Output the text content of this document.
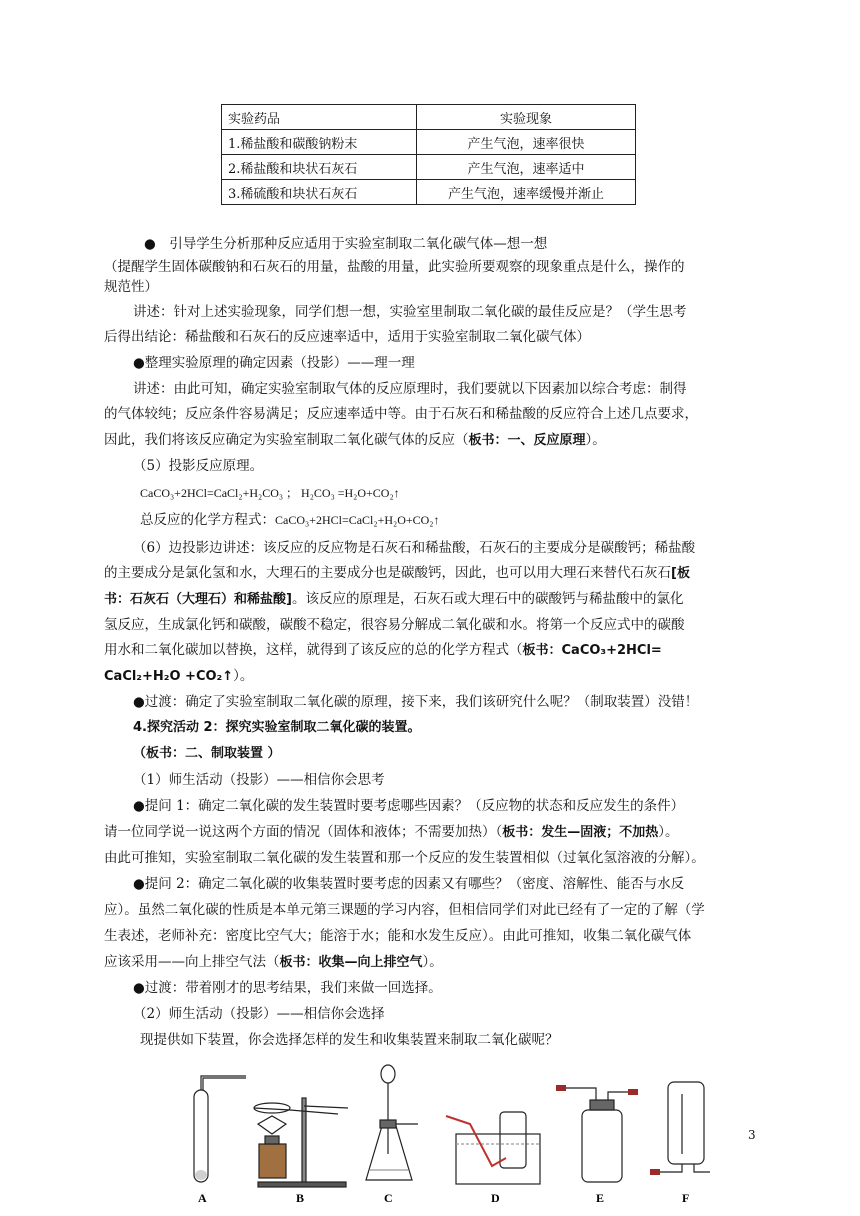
实验药品	实验现象
1.稀盐酸和碳酸钠粉末	产生气泡，速率很快
2.稀盐酸和块状石灰石	产生气泡，速率适中
3.稀硫酸和块状石灰石	产生气泡，速率缓慢并渐止
●　引导学生分析那种反应适用于实验室制取二氧化碳气体—想一想
（提醒学生固体碳酸钠和石灰石的用量，盐酸的用量，此实验所要观察的现象重点是什么，操作的
规范性）
讲述：针对上述实验现象，同学们想一想，实验室里制取二氧化碳的最佳反应是？（学生思考
后得出结论：稀盐酸和石灰石的反应速率适中，适用于实验室制取二氧化碳气体）
●整理实验原理的确定因素（投影）——理一理
讲述：由此可知，确定实验室制取气体的反应原理时，我们要就以下因素加以综合考虑：制得
的气体较纯；反应条件容易满足；反应速率适中等。由于石灰石和稀盐酸的反应符合上述几点要求，
因此，我们将该反应确定为实验室制取二氧化碳气体的反应（板书：一、反应原理）。
（5）投影反应原理。
CaCO₃+2HCl=CaCl₂+H₂CO₃ ； H₂CO₃ =H₂O+CO₂↑
总反应的化学方程式：CaCO₃+2HCl=CaCl₂+H₂O+CO₂↑
（6）边投影边讲述：该反应的反应物是石灰石和稀盐酸，石灰石的主要成分是碳酸钙；稀盐酸
的主要成分是氯化氢和水，大理石的主要成分也是碳酸钙，因此，也可以用大理石来替代石灰石[板
书：石灰石（大理石）和稀盐酸]。该反应的原理是，石灰石或大理石中的碳酸钙与稀盐酸中的氯化
氢反应，生成氯化钙和碳酸，碳酸不稳定，很容易分解成二氧化碳和水。将第一个反应式中的碳酸
用水和二氧化碳加以替换，这样，就得到了该反应的总的化学方程式（板书：CaCO₃+2HCl=
CaCl₂+H₂O +CO₂↑）。
●过渡：确定了实验室制取二氧化碳的原理，接下来，我们该研究什么呢？（制取装置）没错！
4.探究活动 2：探究实验室制取二氧化碳的装置。
（板书：二、制取装置 ）
（1）师生活动（投影）——相信你会思考
●提问 1：确定二氧化碳的发生装置时要考虑哪些因素？（反应物的状态和反应发生的条件）
请一位同学说一说这两个方面的情况（固体和液体；不需要加热）（板书：发生—固液；不加热）。
由此可推知，实验室制取二氧化碳的发生装置和那一个反应的发生装置相似（过氧化氢溶液的分解）。
●提问 2：确定二氧化碳的收集装置时要考虑的因素又有哪些？（密度、溶解性、能否与水反
应）。虽然二氧化碳的性质是本单元第三课题的学习内容，但相信同学们对此已经有了一定的了解（学
生表述，老师补充：密度比空气大；能溶于水；能和水发生反应）。由此可推知，收集二氧化碳气体
应该采用——向上排空气法（板书：收集—向上排空气）。
●过渡：带着刚才的思考结果，我们来做一回选择。
（2）师生活动（投影）——相信你会选择
现提供如下装置，你会选择怎样的发生和收集装置来制取二氧化碳呢？
A	B	C	D	E	F
3
